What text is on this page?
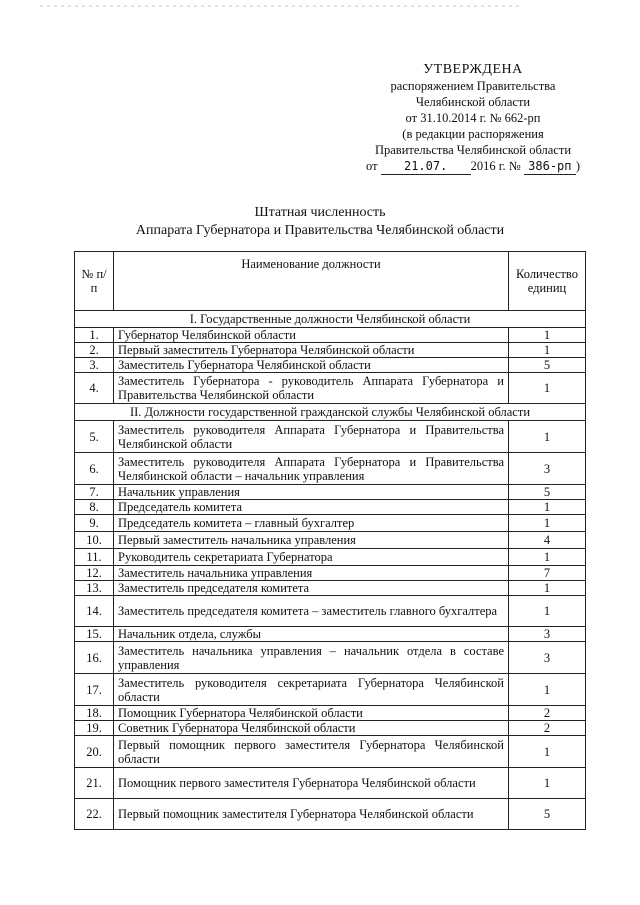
УТВЕРЖДЕНА
распоряжением Правительства
Челябинской области
от 31.10.2014 г. № 662-рп
(в редакции распоряжения
Правительства Челябинской области
от 21.07. 2016 г. № 386-рп )
Штатная численность
Аппарата Губернатора и Правительства Челябинской области
№ п/п	Наименование должности	Количество единиц
I. Государственные должности Челябинской области		
1.	Губернатор Челябинской области	1
2.	Первый заместитель Губернатора Челябинской области	1
3.	Заместитель Губернатора Челябинской области	5
4.	Заместитель Губернатора - руководитель Аппарата Губернатора и Правительства Челябинской области	1
II. Должности государственной гражданской службы Челябинской области		
5.	Заместитель руководителя Аппарата Губернатора и Правительства Челябинской области	1
6.	Заместитель руководителя Аппарата Губернатора и Правительства Челябинской области – начальник управления	3
7.	Начальник управления	5
8.	Председатель комитета	1
9.	Председатель комитета – главный бухгалтер	1
10.	Первый заместитель начальника управления	4
11.	Руководитель секретариата Губернатора	1
12.	Заместитель начальника управления	7
13.	Заместитель председателя комитета	1
14.	Заместитель председателя комитета – заместитель главного бухгалтера	1
15.	Начальник отдела, службы	3
16.	Заместитель начальника управления – начальник отдела в составе управления	3
17.	Заместитель руководителя секретариата Губернатора Челябинской области	1
18.	Помощник Губернатора Челябинской области	2
19.	Советник Губернатора Челябинской области	2
20.	Первый помощник первого заместителя Губернатора Челябинской области	1
21.	Помощник первого заместителя Губернатора Челябинской области	1
22.	Первый помощник заместителя Губернатора Челябинской области	5
